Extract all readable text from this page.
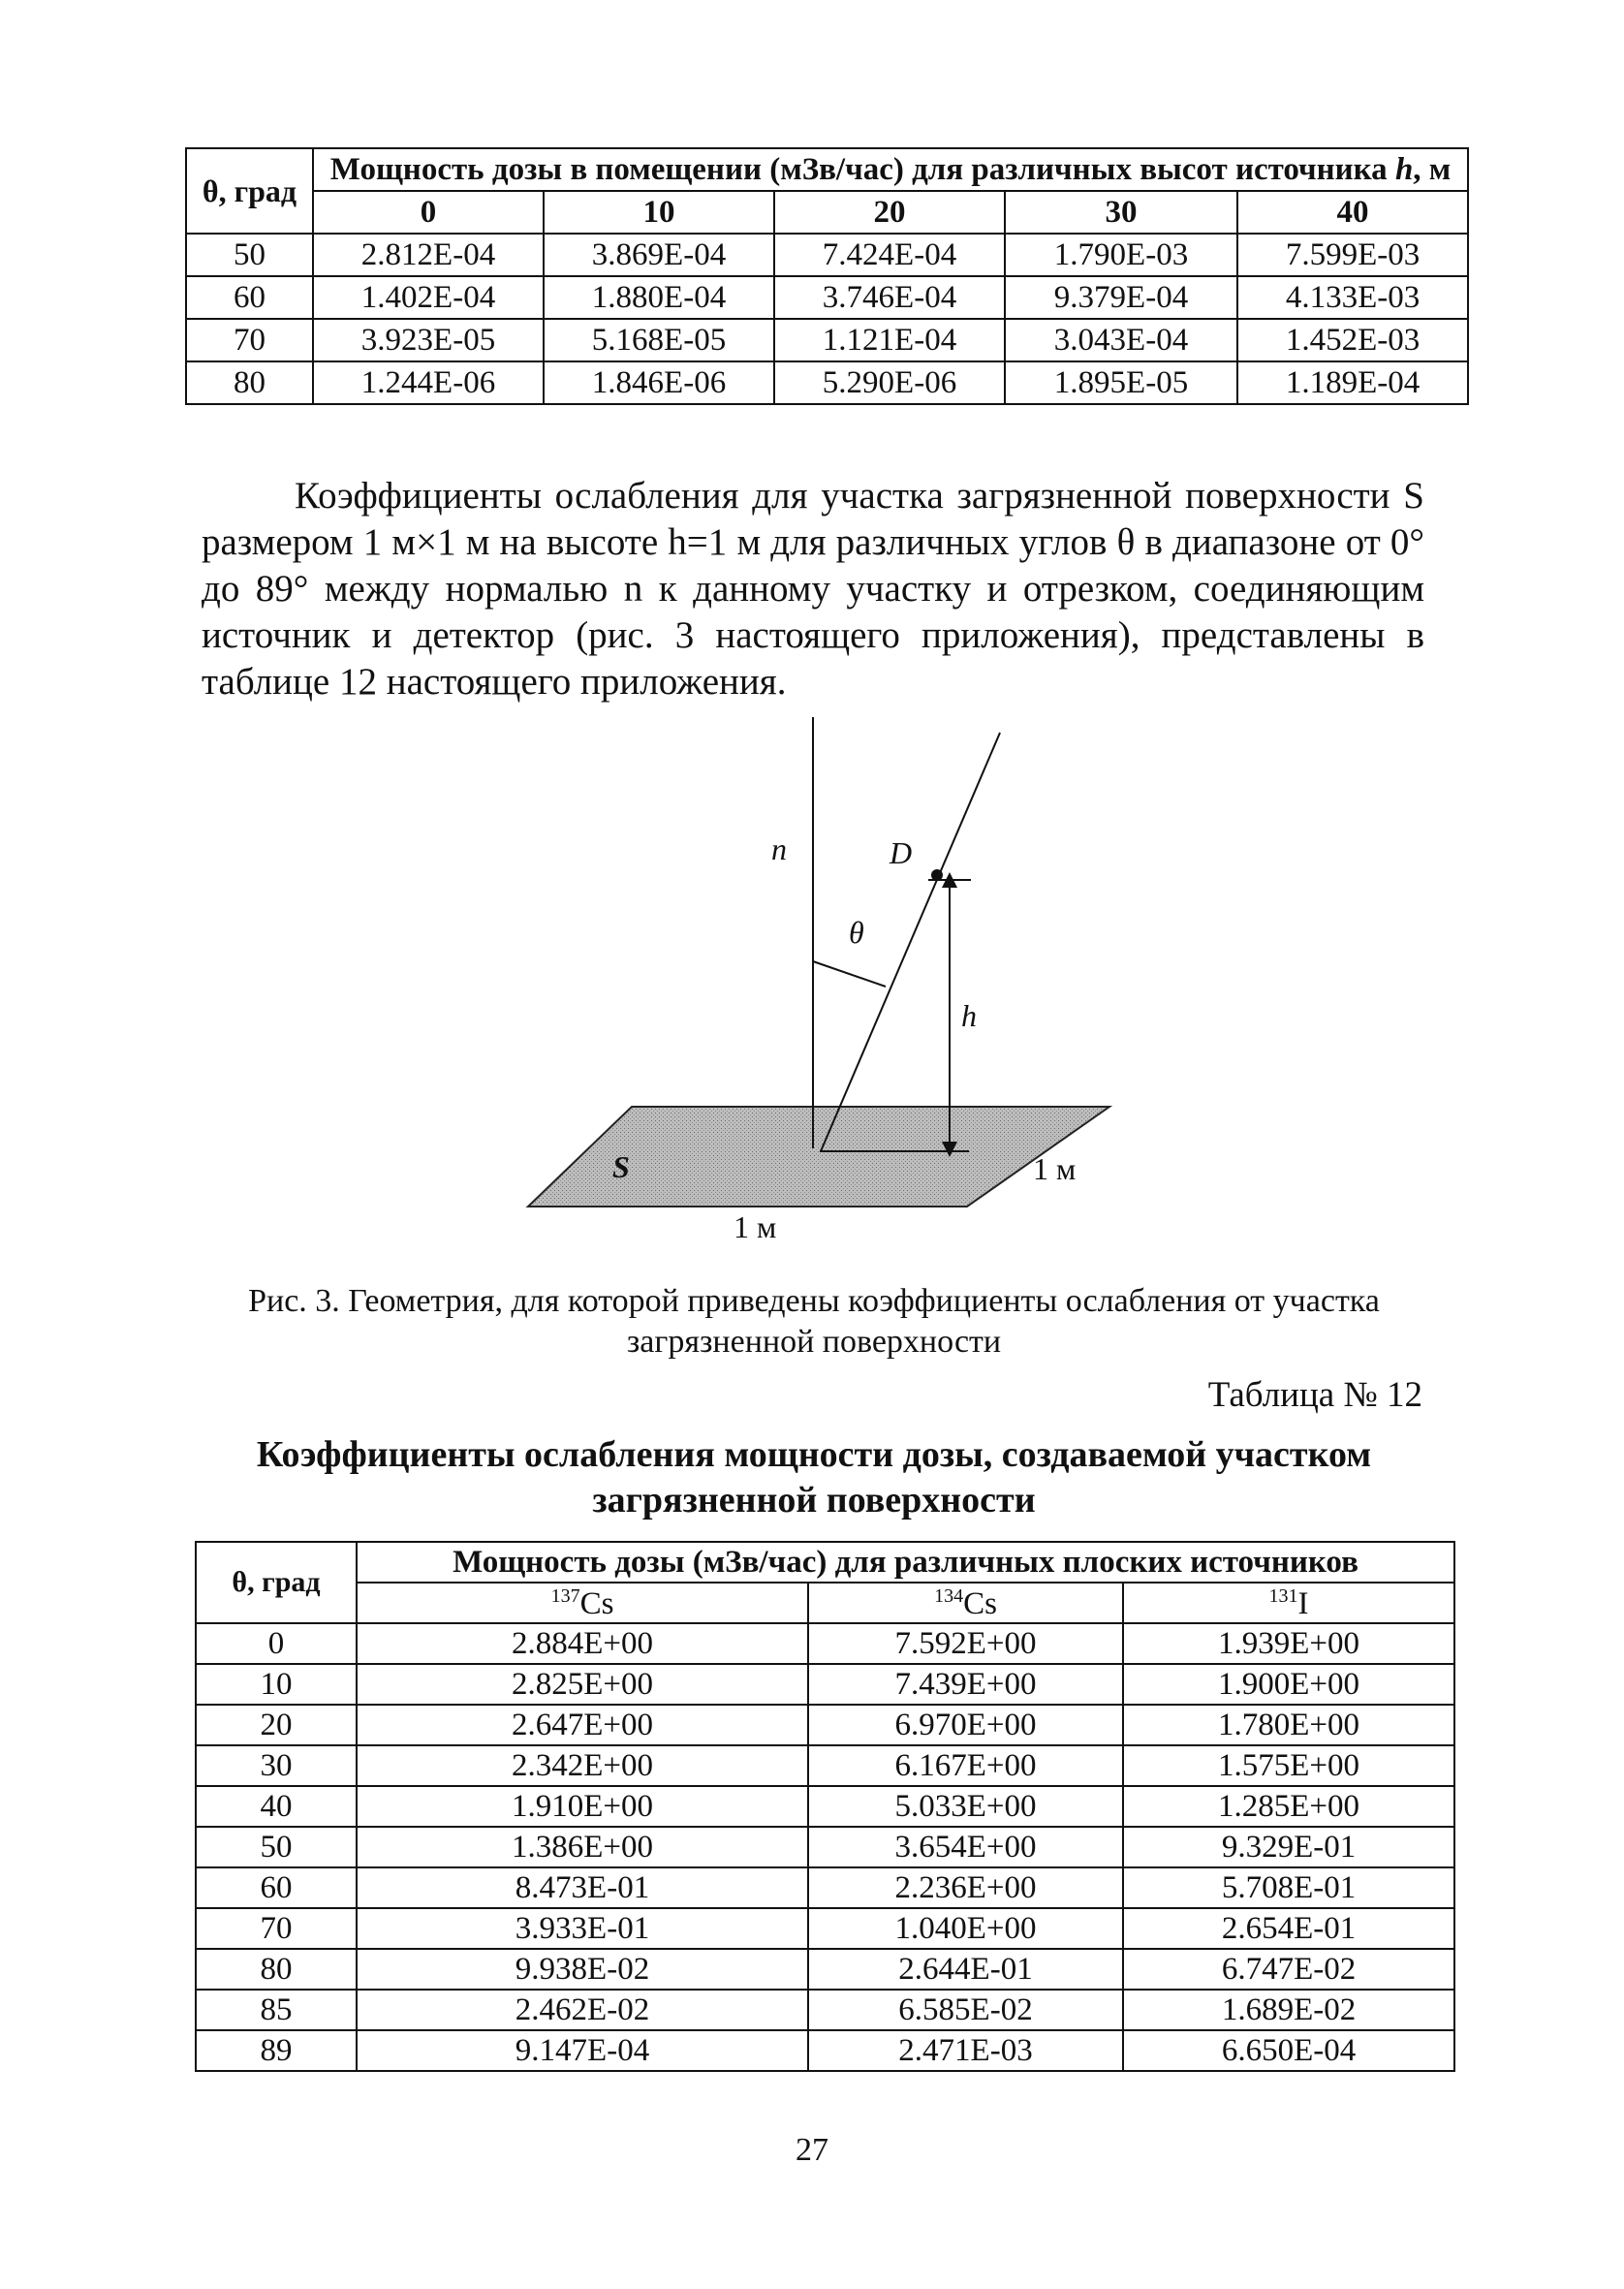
θ, град	Мощность дозы в помещении (мЗв/час) для различных высот источника h, м				
	0	10	20	30	40
50	2.812E-04	3.869E-04	7.424E-04	1.790E-03	7.599E-03
60	1.402E-04	1.880E-04	3.746E-04	9.379E-04	4.133E-03
70	3.923E-05	5.168E-05	1.121E-04	3.043E-04	1.452E-03
80	1.244E-06	1.846E-06	5.290E-06	1.895E-05	1.189E-04

Коэффициенты ослабления для участка загрязненной поверхности S
размером 1 м×1 м на высоте h=1 м для различных углов θ в диапазоне от 0°
до 89° между нормалью n к данному участку и отрезком, соединяющим
источник и детектор (рис. 3 настоящего приложения), представлены в
таблице 12 настоящего приложения.

n	D
θ
h
S	1 м
1 м
Рис. 3. Геометрия, для которой приведены коэффициенты ослабления от участка
загрязненной поверхности
Таблица № 12
Коэффициенты ослабления мощности дозы, создаваемой участком
загрязненной поверхности
θ, град	Мощность дозы (мЗв/час) для различных плоских источников		
	$^{137}$Cs	$^{134}$Cs	$^{131}$I
0	2.884E+00	7.592E+00	1.939E+00
10	2.825E+00	7.439E+00	1.900E+00
20	2.647E+00	6.970E+00	1.780E+00
30	2.342E+00	6.167E+00	1.575E+00
40	1.910E+00	5.033E+00	1.285E+00
50	1.386E+00	3.654E+00	9.329E-01
60	8.473E-01	2.236E+00	5.708E-01
70	3.933E-01	1.040E+00	2.654E-01
80	9.938E-02	2.644E-01	6.747E-02
85	2.462E-02	6.585E-02	1.689E-02
89	9.147E-04	2.471E-03	6.650E-04
27
